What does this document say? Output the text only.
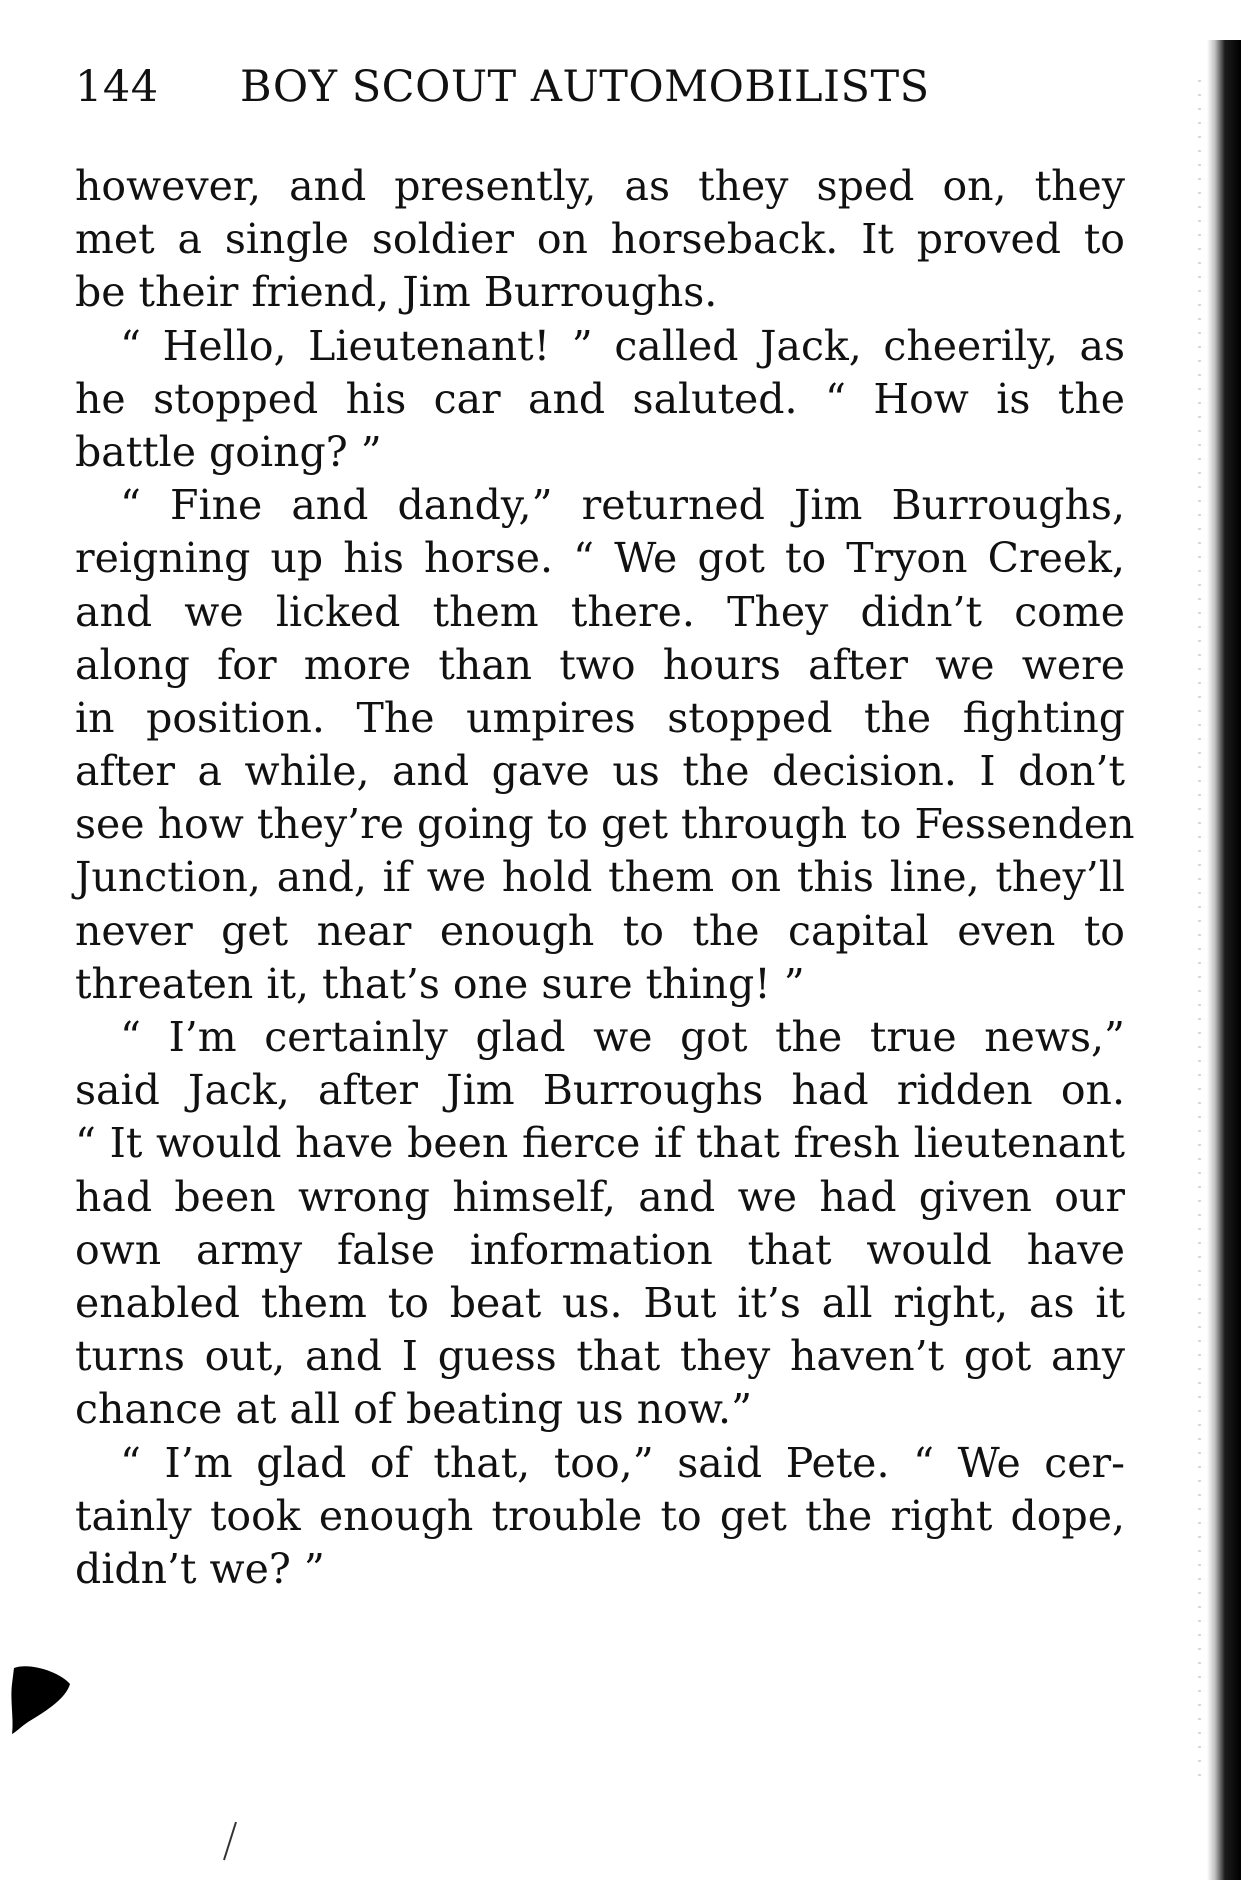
144 BOY SCOUT AUTOMOBILISTS
however, and presently, as they sped on, they
met a single soldier on horseback. It proved to
be their friend, Jim Burroughs.
“ Hello, Lieutenant! ” called Jack, cheerily, as
he stopped his car and saluted. “ How is the
battle going? ”
“ Fine and dandy,” returned Jim Burroughs,
reigning up his horse. “ We got to Tryon Creek,
and we licked them there. They didn’t come
along for more than two hours after we were
in position. The umpires stopped the fighting
after a while, and gave us the decision. I don’t
see how they’re going to get through to Fessenden
Junction, and, if we hold them on this line, they’ll
never get near enough to the capital even to
threaten it, that’s one sure thing! ”
“ I’m certainly glad we got the true news,”
said Jack, after Jim Burroughs had ridden on.
“ It would have been fierce if that fresh lieutenant
had been wrong himself, and we had given our
own army false information that would have
enabled them to beat us. But it’s all right, as it
turns out, and I guess that they haven’t got any
chance at all of beating us now.”
“ I’m glad of that, too,” said Pete. “ We cer-
tainly took enough trouble to get the right dope,
didn’t we? ”
